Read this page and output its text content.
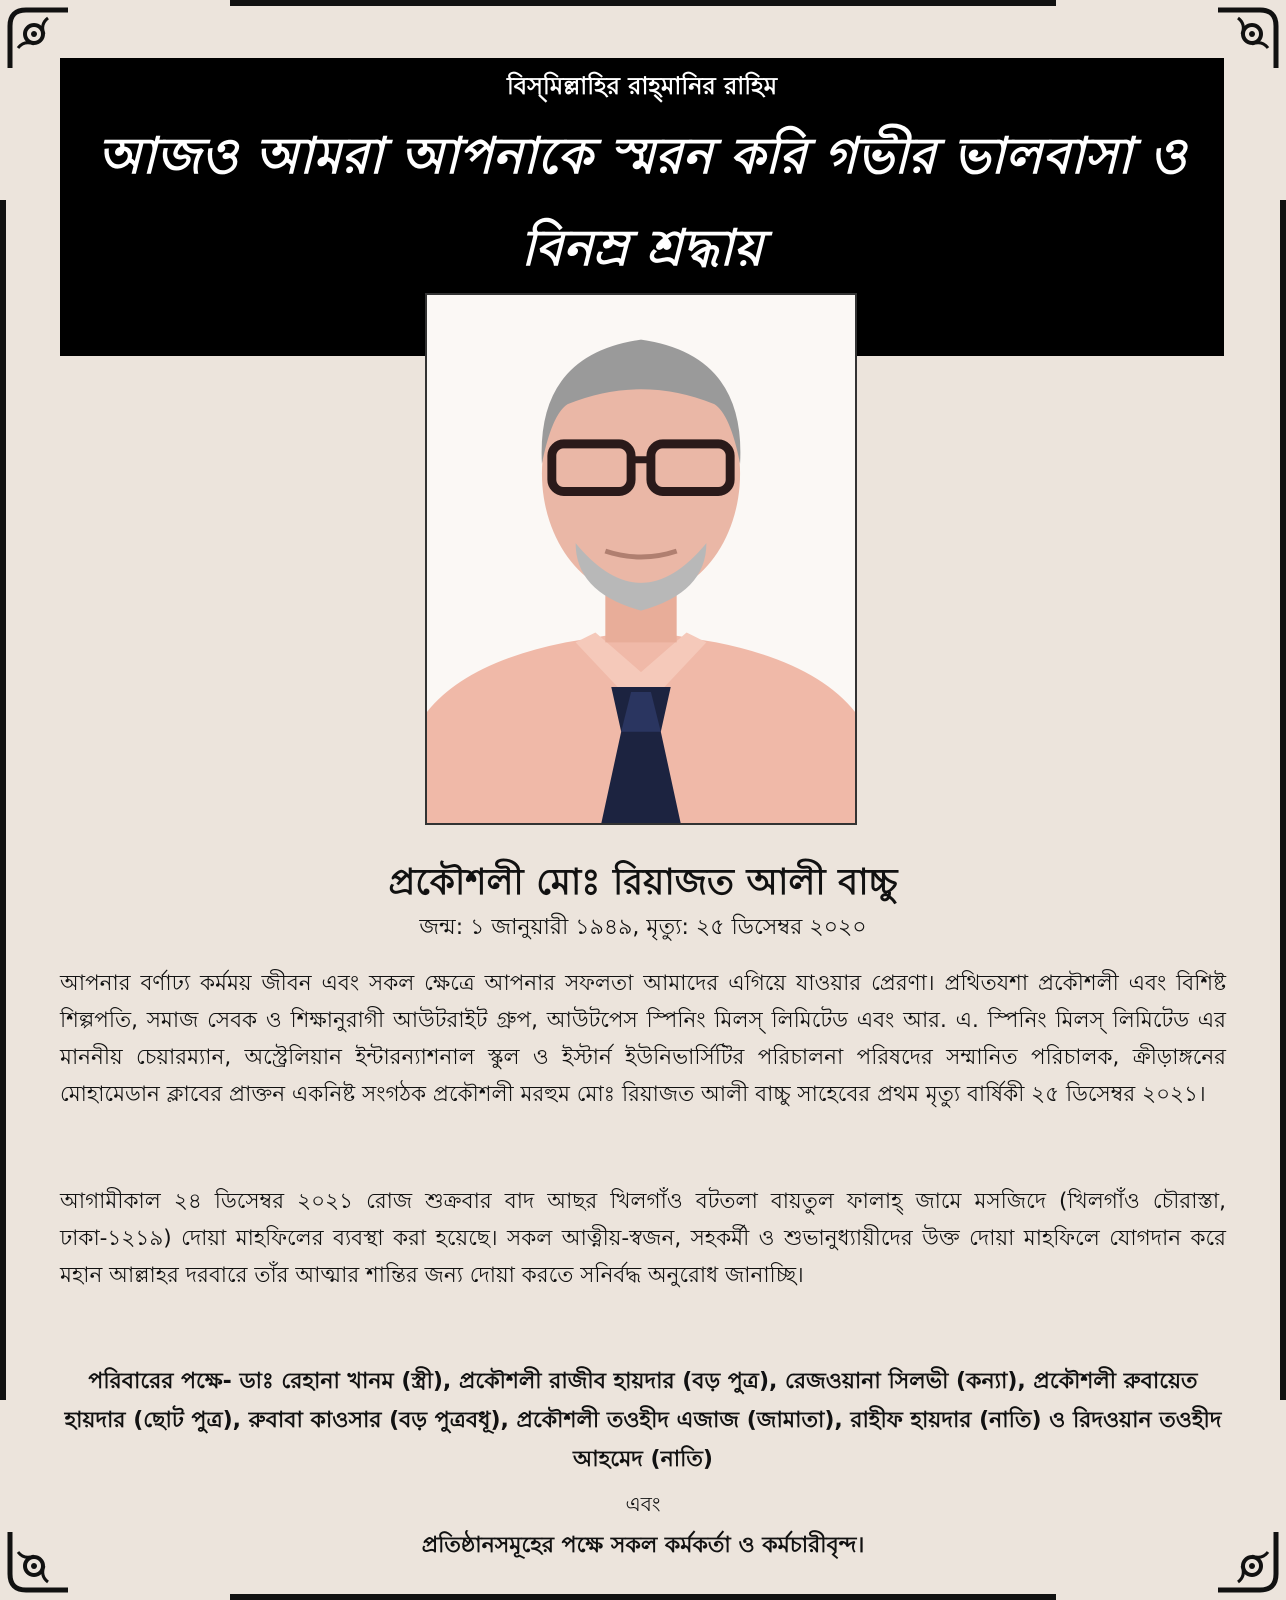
বিস্‌মিল্লাহির রাহ্‌মানির রাহিম
আজও আমরা আপনাকে স্মরন করি গভীর ভালবাসা ও বিনম্র শ্রদ্ধায়
প্রকৌশলী মোঃ রিয়াজত আলী বাচ্চু
জন্ম: ১ জানুয়ারী ১৯৪৯, মৃত্যু: ২৫ ডিসেম্বর ২০২০
আপনার বর্ণাঢ্য কর্মময় জীবন এবং সকল ক্ষেত্রে আপনার সফলতা আমাদের এগিয়ে যাওয়ার প্রেরণা। প্রথিতযশা প্রকৌশলী এবং বিশিষ্ট শিল্পপতি, সমাজ সেবক ও শিক্ষানুরাগী আউটরাইট গ্রুপ, আউটপেস স্পিনিং মিলস্ লিমিটেড এবং আর. এ. স্পিনিং মিলস্ লিমিটেড এর মাননীয় চেয়ারম্যান, অস্ট্রেলিয়ান ইন্টারন্যাশনাল স্কুল ও ইস্টার্ন ইউনিভার্সিটির পরিচালনা পরিষদের সম্মানিত পরিচালক, ক্রীড়াঙ্গনের মোহামেডান ক্লাবের প্রাক্তন একনিষ্ট সংগঠক প্রকৌশলী মরহুম মোঃ রিয়াজত আলী বাচ্চু সাহেবের প্রথম মৃত্যু বার্ষিকী ২৫ ডিসেম্বর ২০২১।
আগামীকাল ২৪ ডিসেম্বর ২০২১ রোজ শুক্রবার বাদ আছর খিলগাঁও বটতলা বায়তুল ফালাহ্ জামে মসজিদে (খিলগাঁও চৌরাস্তা, ঢাকা-১২১৯) দোয়া মাহফিলের ব্যবস্থা করা হয়েছে। সকল আত্নীয়-স্বজন, সহকর্মী ও শুভানুধ্যায়ীদের উক্ত দোয়া মাহফিলে যোগদান করে মহান আল্লাহর দরবারে তাঁর আত্মার শান্তির জন্য দোয়া করতে সনির্বদ্ধ অনুরোধ জানাচ্ছি।
পরিবারের পক্ষে- ডাঃ রেহানা খানম (স্ত্রী), প্রকৌশলী রাজীব হায়দার (বড় পুত্র), রেজওয়ানা সিলভী (কন্যা), প্রকৌশলী রুবায়েত হায়দার (ছোট পুত্র), রুবাবা কাওসার (বড় পুত্রবধূ), প্রকৌশলী তওহীদ এজাজ (জামাতা), রাহীফ হায়দার (নাতি) ও রিদওয়ান তওহীদ আহমেদ (নাতি)
এবং
প্রতিষ্ঠানসমূহের পক্ষে সকল কর্মকর্তা ও কর্মচারীবৃন্দ।
